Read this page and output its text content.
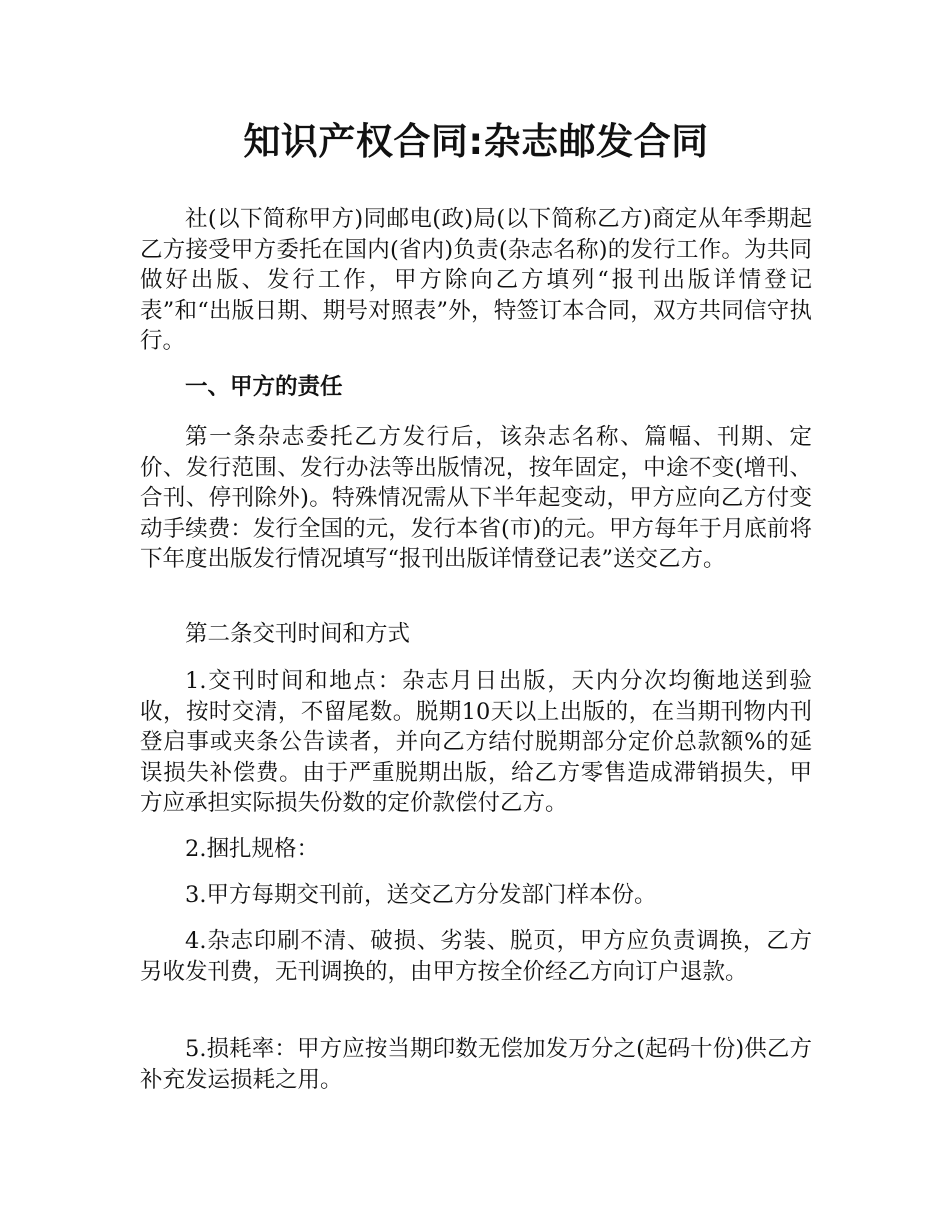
知识产权合同:杂志邮发合同

社(以下简称甲方)同邮电(政)局(以下简称乙方)商定从年季期起乙方接受甲方委托在国内(省内)负责(杂志名称)的发行工作。为共同做好出版、发行工作，甲方除向乙方填列“报刊出版详情登记表”和“出版日期、期号对照表”外，特签订本合同，双方共同信守执行。

一、甲方的责任

第一条杂志委托乙方发行后，该杂志名称、篇幅、刊期、定价、发行范围、发行办法等出版情况，按年固定，中途不变(增刊、合刊、停刊除外)。特殊情况需从下半年起变动，甲方应向乙方付变动手续费：发行全国的元，发行本省(市)的元。甲方每年于月底前将下年度出版发行情况填写“报刊出版详情登记表”送交乙方。

第二条交刊时间和方式

1.交刊时间和地点：杂志月日出版，天内分次均衡地送到验收，按时交清，不留尾数。脱期10天以上出版的，在当期刊物内刊登启事或夹条公告读者，并向乙方结付脱期部分定价总款额%的延误损失补偿费。由于严重脱期出版，给乙方零售造成滞销损失，甲方应承担实际损失份数的定价款偿付乙方。

2.捆扎规格：

3.甲方每期交刊前，送交乙方分发部门样本份。

4.杂志印刷不清、破损、劣装、脱页，甲方应负责调换，乙方另收发刊费，无刊调换的，由甲方按全价经乙方向订户退款。

5.损耗率：甲方应按当期印数无偿加发万分之(起码十份)供乙方补充发运损耗之用。
